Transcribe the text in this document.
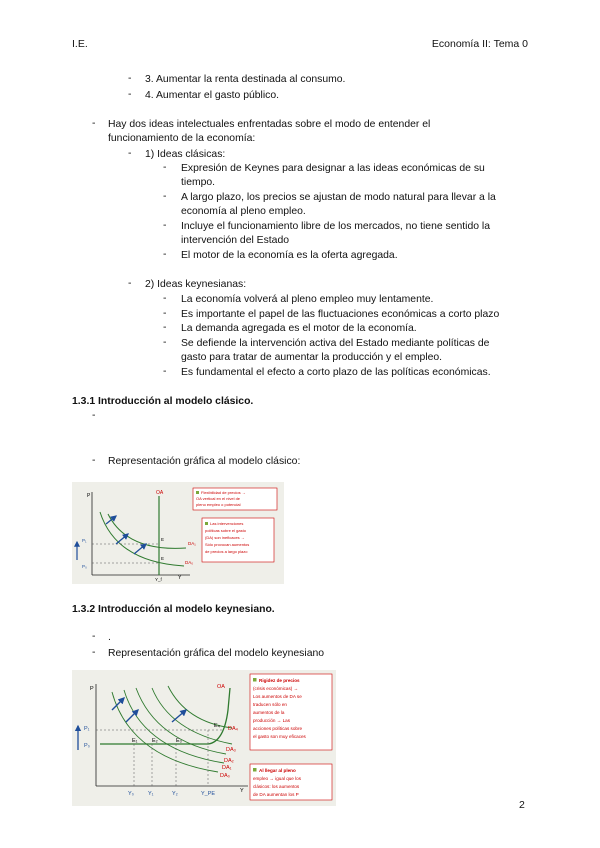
I.E.	Economía II: Tema 0
- 3. Aumentar la renta destinada al consumo.
- 4. Aumentar el gasto público.
- Hay dos ideas intelectuales enfrentadas sobre el modo de entender el
funcionamiento de la economía:
- 1) Ideas clásicas:
- Expresión de Keynes para designar a las ideas económicas de su
tiempo.
- A largo plazo, los precios se ajustan de modo natural para llevar a la
economía al pleno empleo.
- Incluye el funcionamiento libre de los mercados, no tiene sentido la
intervención del Estado
- El motor de la economía es la oferta agregada.
- 2) Ideas keynesianas:
- La economía volverá al pleno empleo muy lentamente.
- Es importante el papel de las fluctuaciones económicas a corto plazo
- La demanda agregada es el motor de la economía.
- Se defiende la intervención activa del Estado mediante políticas de
gasto para tratar de aumentar la producción y el empleo.
- Es fundamental el efecto a corto plazo de las políticas económicas.
1.3.1 Introducción al modelo clásico.
-
- Representación gráfica al modelo clásico:
P
Y
OA
P₁
P₀
E
E
DA₁
DA₀
Y_f
Flexibilidad de precios →
OA vertical en el nivel de
pleno empleo o potencial
Las intervenciones
políticas sobre el gasto
(DA) son ineficaces →
Sólo provocan aumentos
de precios a largo plazo
1.3.2 Introducción al modelo keynesiano.
- .
- Representación gráfica del modelo keynesiano
P
Y
OA
P₁
P₀
E₁	E₂	E₃
E₄ DA₄
DA₃
DA₂
DA₁
DA₀
Y₀	Y₁	Y₂	Y_PE
Rigidez de precios
(crisis económicas) →
Los aumentos de DA se
traducen sólo en
aumentos de la
producción → Las
acciones políticas sobre
el gasto son muy eficaces
Al llegar al pleno
empleo → igual que los
clásicos: los aumentos
de DA aumentan los P
2
